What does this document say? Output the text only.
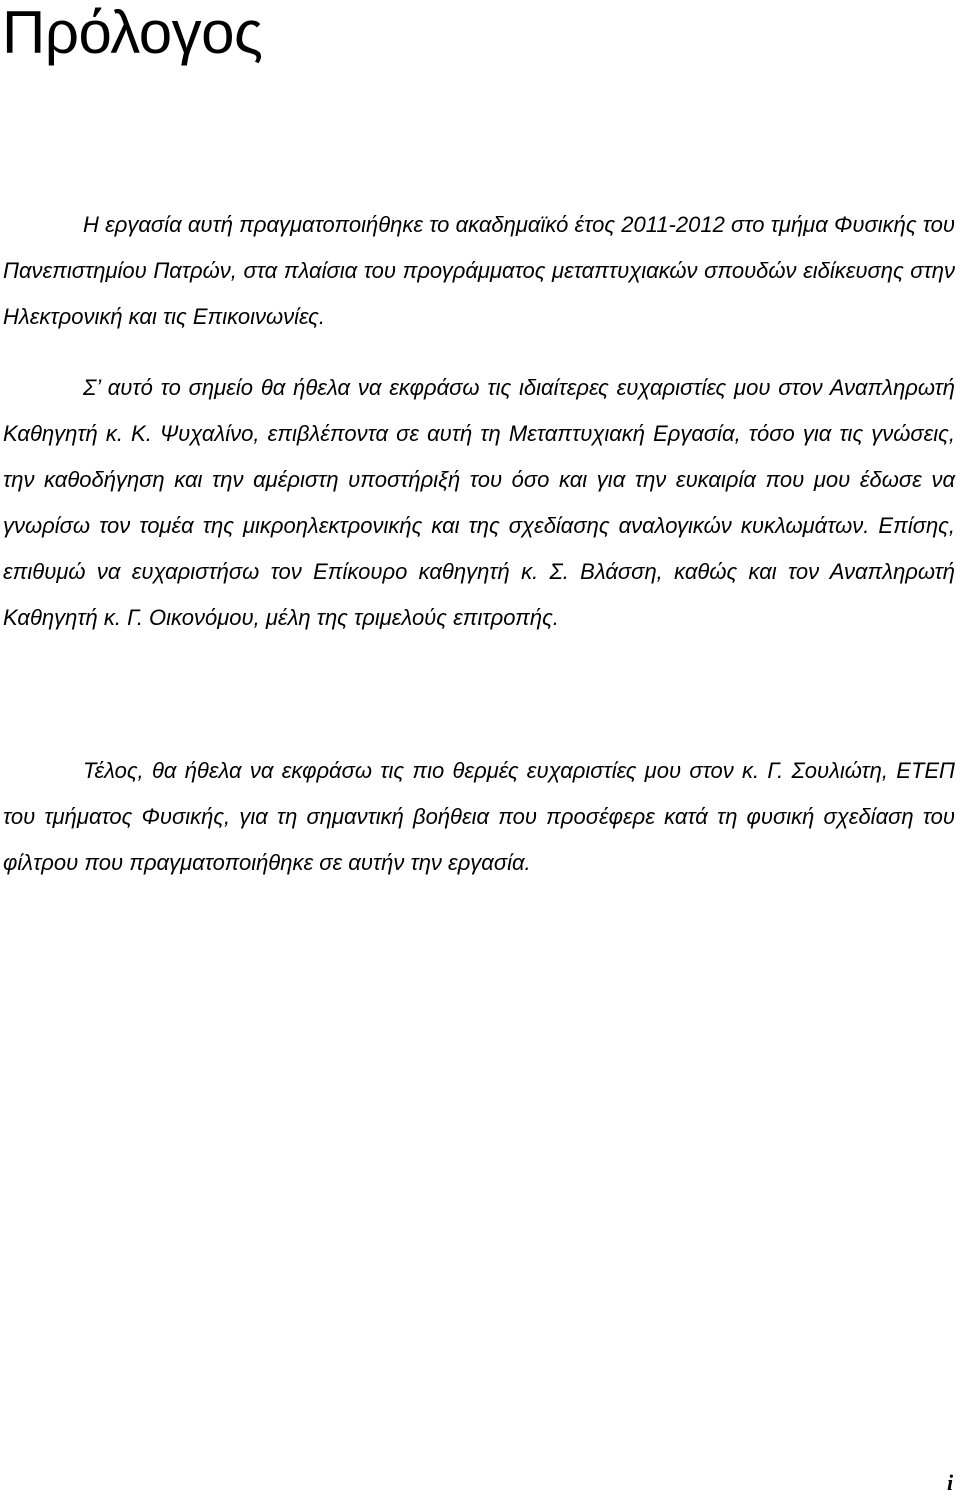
Πρόλογος

Η εργασία αυτή πραγματοποιήθηκε το ακαδημαϊκό έτος 2011-2012 στο τμήμα Φυσικής του Πανεπιστημίου Πατρών, στα πλαίσια του προγράμματος μεταπτυχιακών σπουδών ειδίκευσης στην Ηλεκτρονική και τις Επικοινωνίες.

Σ’ αυτό το σημείο θα ήθελα να εκφράσω τις ιδιαίτερες ευχαριστίες μου στον Αναπληρωτή Καθηγητή κ. Κ. Ψυχαλίνο, επιβλέποντα σε αυτή τη Μεταπτυχιακή Εργασία, τόσο για τις γνώσεις, την καθοδήγηση και την αμέριστη υποστήριξή του όσο και για την ευκαιρία που μου έδωσε να γνωρίσω τον τομέα της μικροηλεκτρονικής και της σχεδίασης αναλογικών κυκλωμάτων. Επίσης, επιθυμώ να ευχαριστήσω τον Επίκουρο καθηγητή κ. Σ. Βλάσση, καθώς και τον Αναπληρωτή Καθηγητή κ. Γ. Οικονόμου, μέλη της τριμελούς επιτροπής.

Τέλος, θα ήθελα να εκφράσω τις πιο θερμές ευχαριστίες μου στον κ. Γ. Σουλιώτη, ΕΤΕΠ του τμήματος Φυσικής, για τη σημαντική βοήθεια που προσέφερε κατά τη φυσική σχεδίαση του φίλτρου που πραγματοποιήθηκε σε αυτήν την εργασία.

i
